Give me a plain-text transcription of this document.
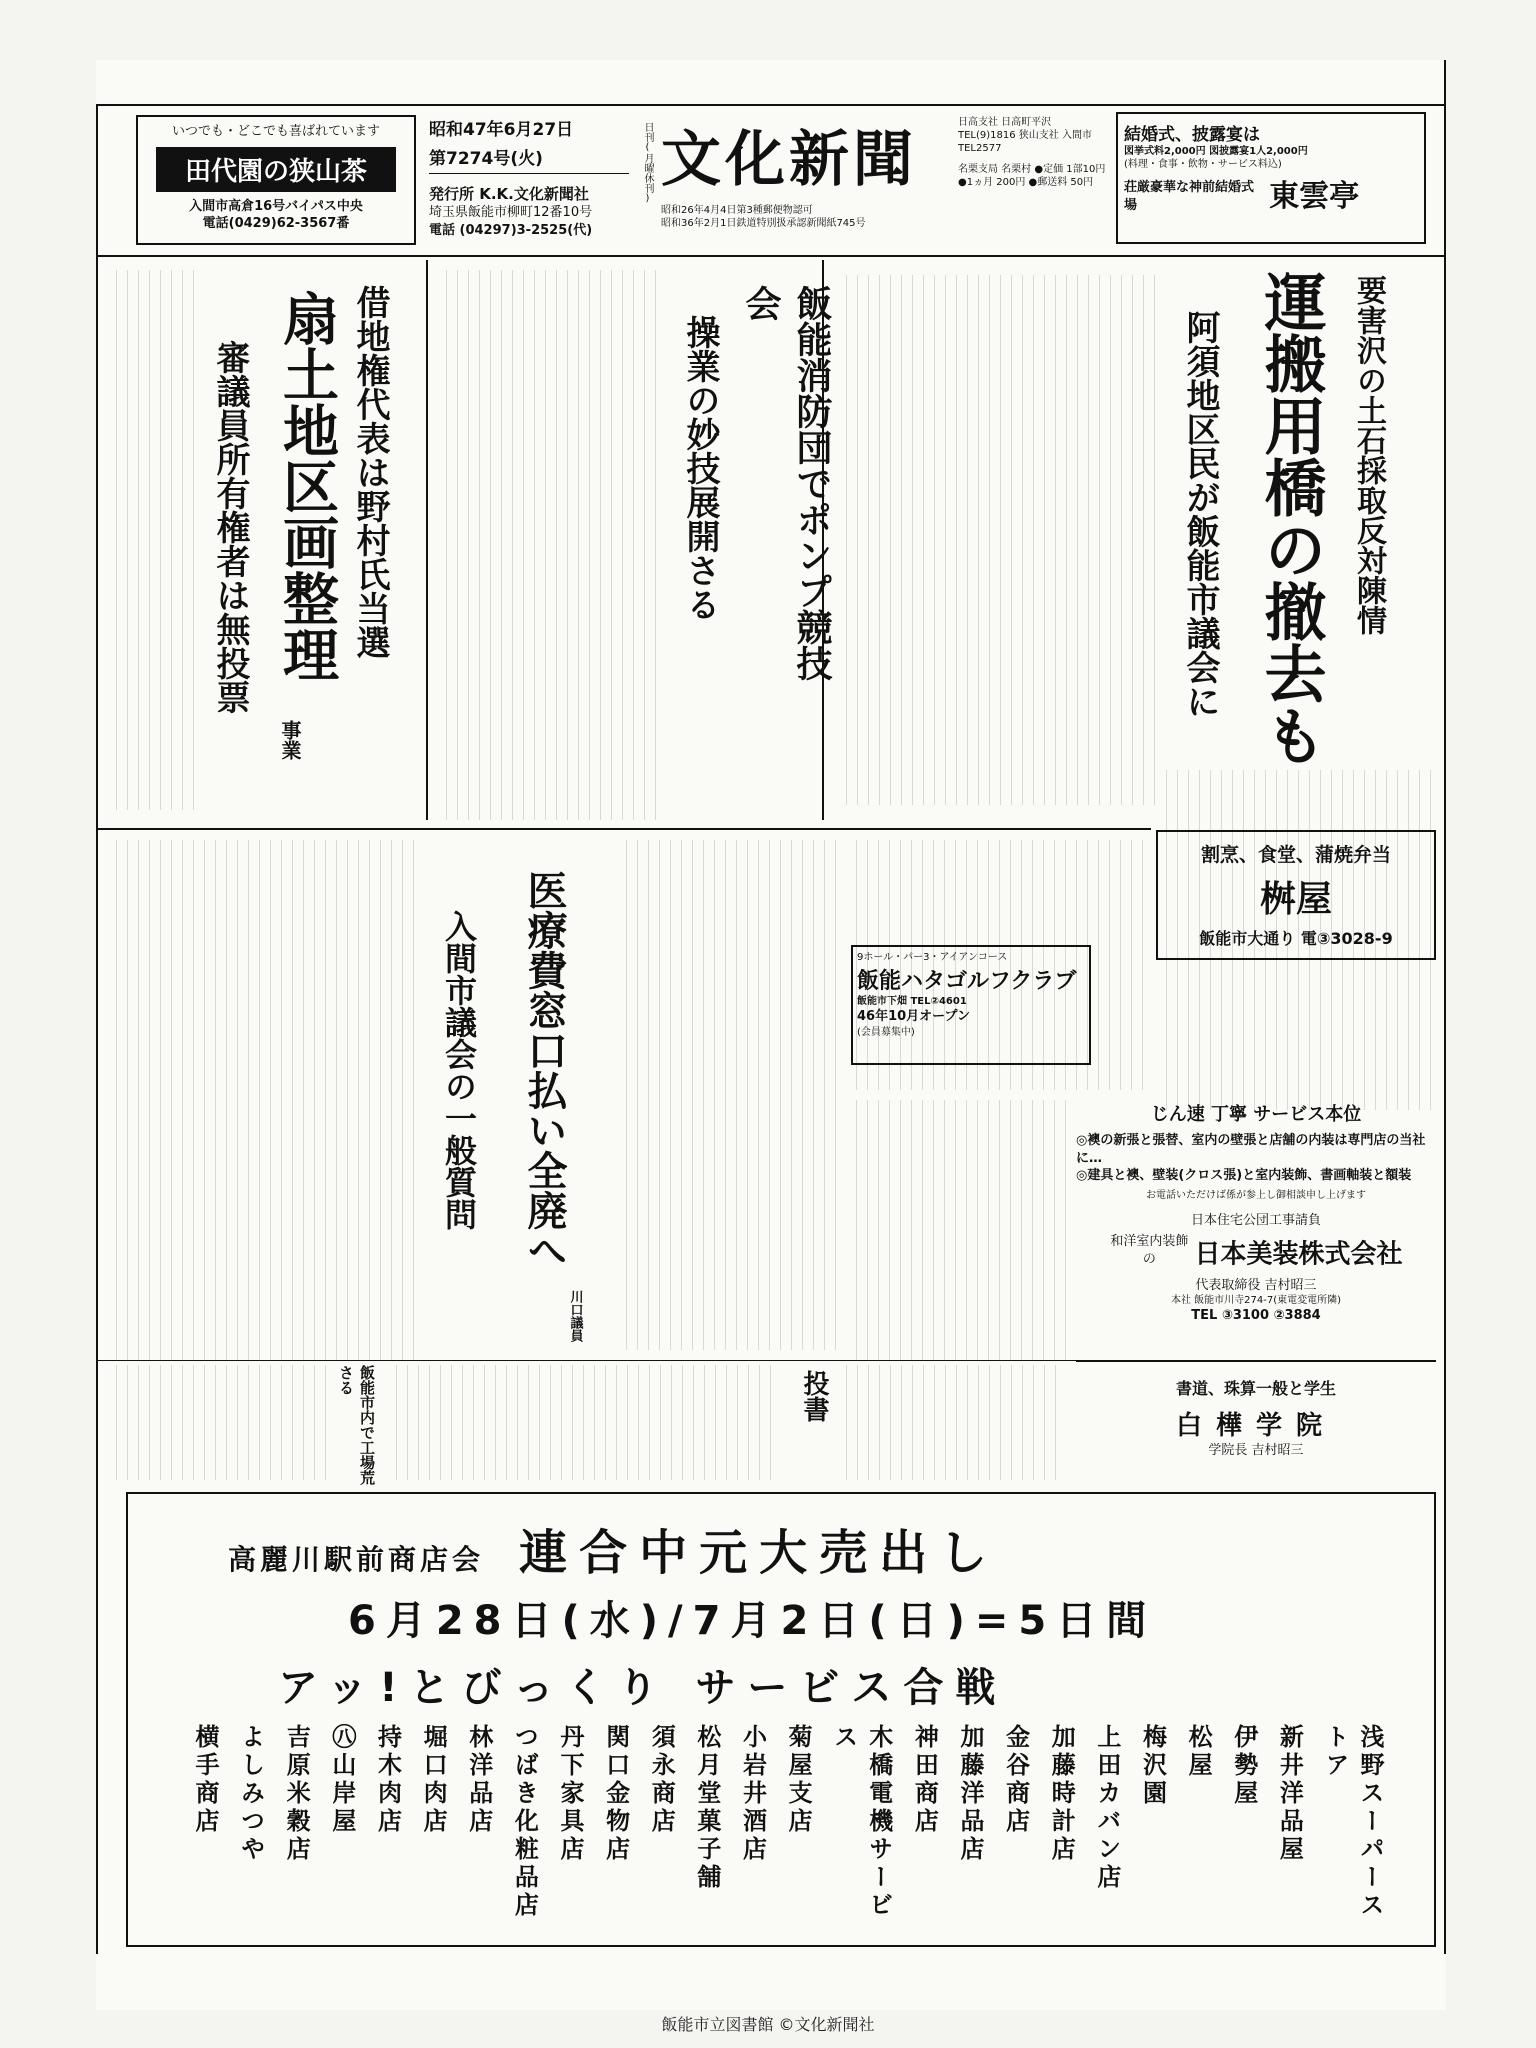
いつでも・どこでも喜ばれています
田代園の狭山茶
入間市高倉16号バイパス中央
電話(0429)62-3567番
昭和47年6月27日
第7274号(火)
発行所 K.K.文化新聞社
埼玉県飯能市柳町12番10号
電話 (04297)3-2525(代)
日刊(月曜休刊) 文化新聞
昭和26年4月4日第3種郵便物認可
昭和36年2月1日鉄道特別扱承認新聞紙745号
日高支社 日高町平沢 TEL(9)1816 狭山支社 入間市 TEL2577
名栗支局 名栗村 ●定価 1部10円 ●1ヵ月 200円 ●郵送料 50円
結婚式、披露宴は
図挙式料2,000円 図披露宴1人2,000円
(料理・食事・飲物・サービス料込)
荘厳豪華な神前結婚式場	東雲亭
要害沢の土石採取反対陳情
運搬用橋の撤去も
阿須地区民が飯能市議会に
飯能消防団でポンプ競技会
操業の妙技展開さる
借地権代表は野村氏当選
扇土地区画整理
事業
審議員所有権者は無投票
割烹、食堂、蒲焼弁当
桝屋
飯能市大通り 電③3028-9
医療費窓口払い全廃へ
入間市議会の一般質問
川口議員
9ホール・パー3・アイアンコース
飯能ハタゴルフクラブ
飯能市下畑 TEL②4601
46年10月オープン
(会員募集中)
じん速 丁寧 サービス本位
◎襖の新張と張替、室内の壁張と店舗の内装は専門店の当社に…
◎建具と襖、壁装(クロス張)と室内装飾、書画軸装と額装
お電話いただけば係が参上し御相談申し上げます
日本住宅公団工事請負
和洋室内装飾の 日本美装株式会社
代表取締役 吉村昭三
本社 飯能市川寺274-7(東電変電所隣)
TEL ③3100 ②3884
書道、珠算一般と学生
白樺学院
学院長 吉村昭三
飯能市内で工場荒さる	投書
高麗川駅前商店会 連合中元大売出し
6月28日(水)/7月2日(日)=5日間
アッ!とびっくり サービス合戦
浅野スーパーストア
新井洋品屋
伊勢屋
松屋
梅沢園
上田カバン店
加藤時計店
金谷商店
加藤洋品店
神田商店
木橋電機サービス
菊屋支店
小岩井酒店
松月堂菓子舗
須永商店
関口金物店
丹下家具店
つばき化粧品店
林洋品店
堀口肉店
持木肉店
㊇山岸屋
吉原米穀店
よしみつや
横手商店
飯能市立図書館 ©文化新聞社
